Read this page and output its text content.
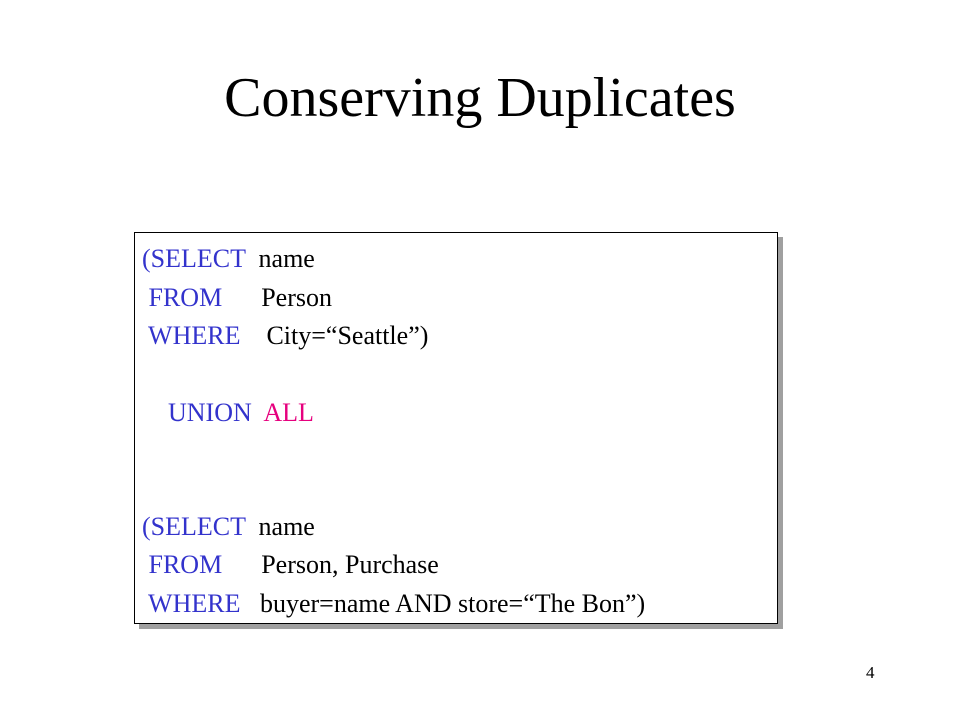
Conserving Duplicates
(SELECT name
FROM Person
WHERE City=“Seattle”)
UNION ALL
(SELECT name
FROM Person, Purchase
WHERE buyer=name AND store=“The Bon”)
4
